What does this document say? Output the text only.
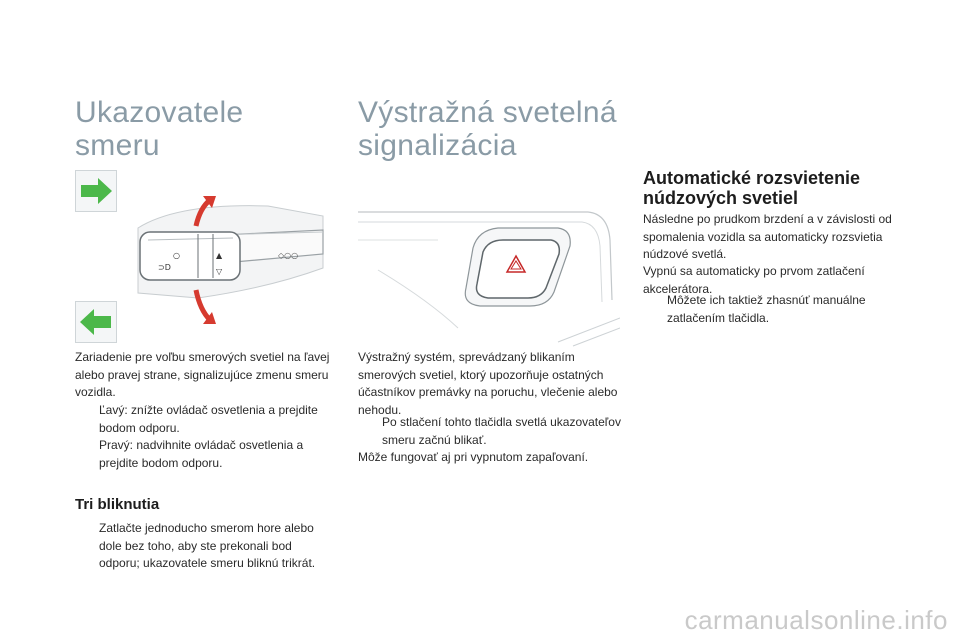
Ukazovatele
smeru
⊃D
○	▲
▽
◇○○

Zariadenie pre voľbu smerových svetiel na ľavej alebo pravej strane, signalizujúce zmenu smeru vozidla.

Ľavý: znížte ovládač osvetlenia a prejdite bodom odporu.

Pravý: nadvihnite ovládač osvetlenia a prejdite bodom odporu.

Tri bliknutia

Zatlačte jednoducho smerom hore alebo dole bez toho, aby ste prekonali bod odporu; ukazovatele smeru bliknú trikrát.

Výstražná svetelná
signalizácia

Výstražný systém, sprevádzaný blikaním smerových svetiel, ktorý upozorňuje ostatných účastníkov premávky na poruchu, vlečenie alebo nehodu.

Po stlačení tohto tlačidla svetlá ukazovateľov smeru začnú blikať.

Môže fungovať aj pri vypnutom zapaľovaní.

Automatické rozsvietenie
núdzových svetiel

Následne po prudkom brzdení a v závislosti od spomalenia vozidla sa automaticky rozsvietia núdzové svetlá.

Vypnú sa automaticky po prvom zatlačení akcelerátora.

Môžete ich taktiež zhasnúť manuálne zatlačením tlačidla.

carmanualsonline.info
